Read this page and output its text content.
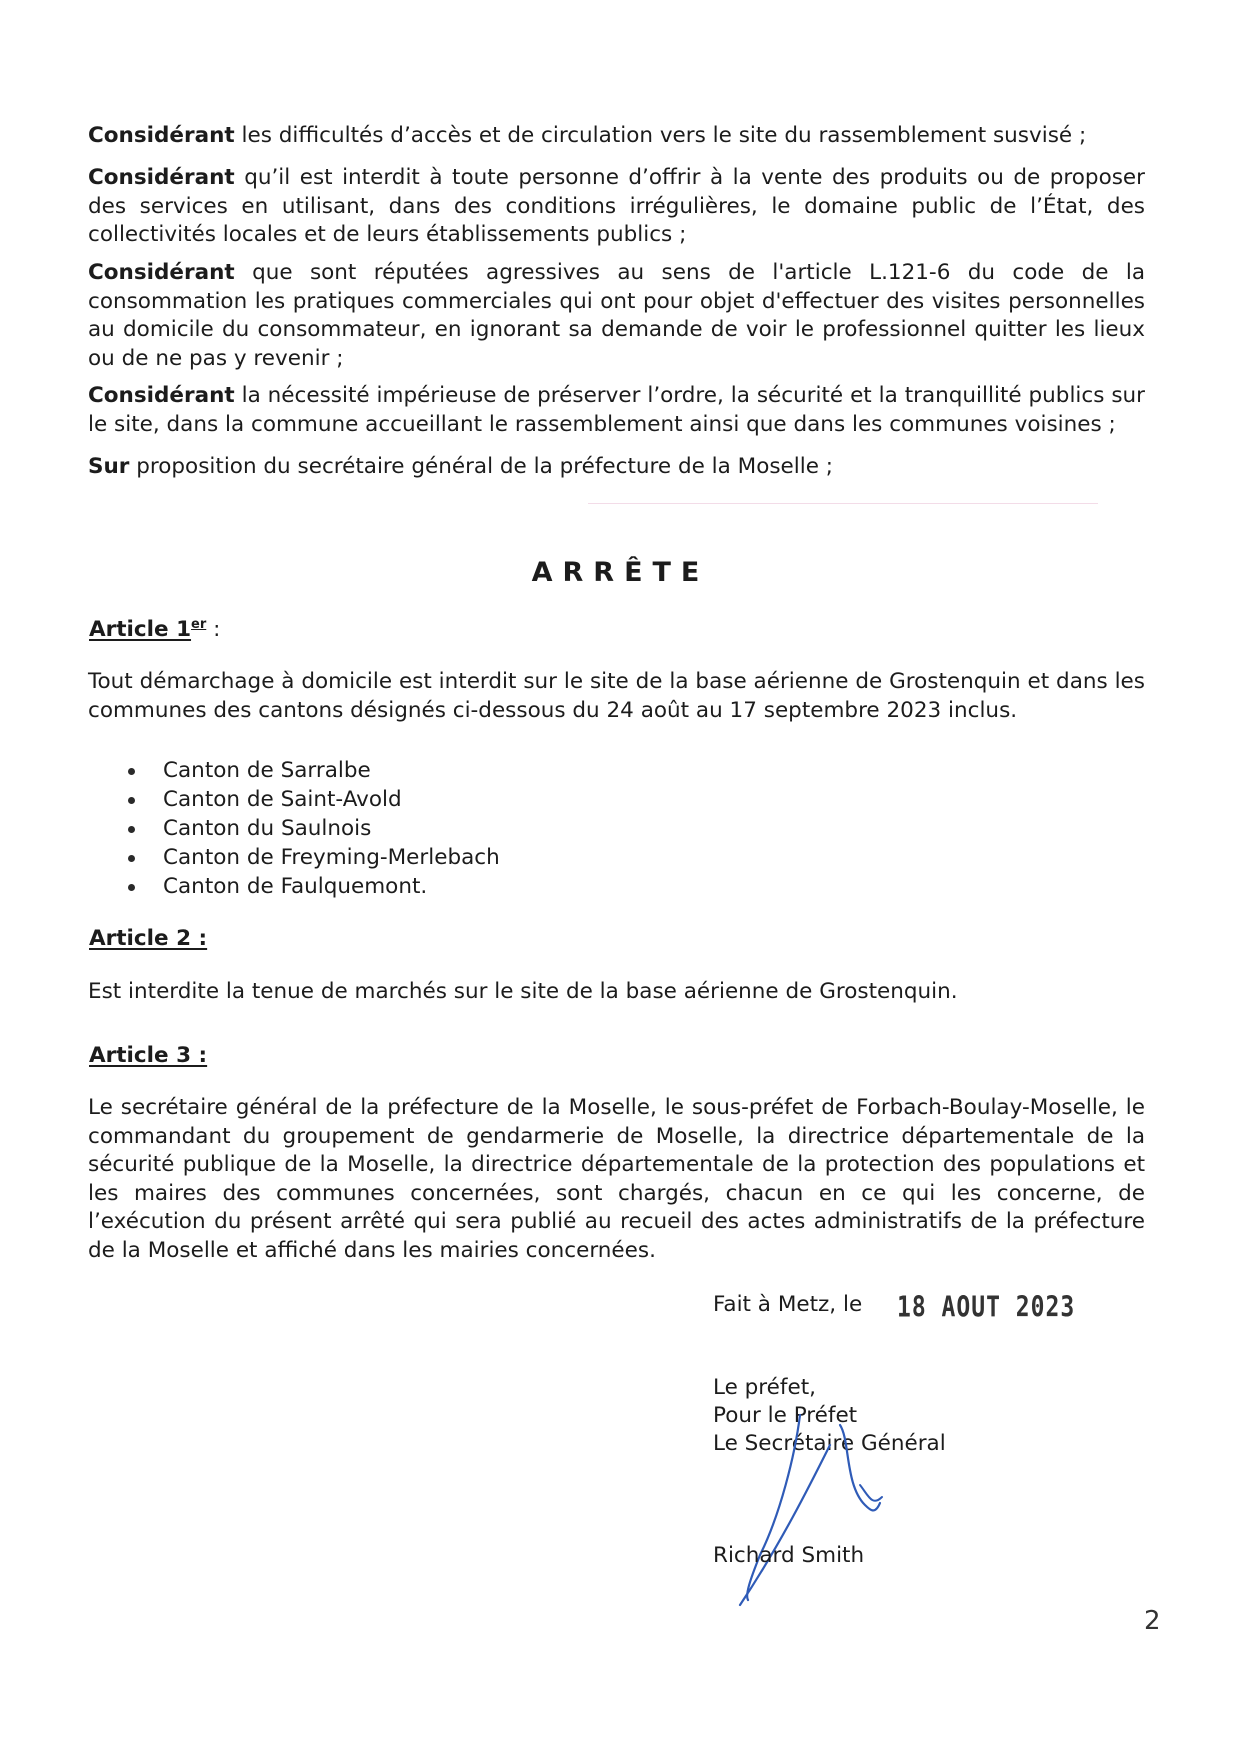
Considérant les difficultés d’accès et de circulation vers le site du rassemblement susvisé ;

Considérant qu’il est interdit à toute personne d’offrir à la vente des produits ou de proposer des services en utilisant, dans des conditions irrégulières, le domaine public de l’État, des collectivités locales et de leurs établissements publics ;

Considérant que sont réputées agressives au sens de l'article L.121-6 du code de la consommation les pratiques commerciales qui ont pour objet d'effectuer des visites personnelles au domicile du consommateur, en ignorant sa demande de voir le professionnel quitter les lieux ou de ne pas y revenir ;

Considérant la nécessité impérieuse de préserver l’ordre, la sécurité et la tranquillité publics sur le site, dans la commune accueillant le rassemblement ainsi que dans les communes voisines ;

Sur proposition du secrétaire général de la préfecture de la Moselle ;

ARRÊTE
Article 1er :

Tout démarchage à domicile est interdit sur le site de la base aérienne de Grostenquin et dans les communes des cantons désignés ci-dessous du 24 août au 17 septembre 2023 inclus.

Canton de Sarralbe
Canton de Saint-Avold
Canton du Saulnois
Canton de Freyming-Merlebach
Canton de Faulquemont.
Article 2 :

Est interdite la tenue de marchés sur le site de la base aérienne de Grostenquin.

Article 3 :

Le secrétaire général de la préfecture de la Moselle, le sous-préfet de Forbach-Boulay-Moselle, le commandant du groupement de gendarmerie de Moselle, la directrice départementale de la sécurité publique de la Moselle, la directrice départementale de la protection des populations et les maires des communes concernées, sont chargés, chacun en ce qui les concerne, de l’exécution du présent arrêté qui sera publié au recueil des actes administratifs de la préfecture de la Moselle et affiché dans les mairies concernées.

Fait à Metz, le 18 AOUT 2023
Le préfet,
Pour le Préfet
Le Secrétaire Général
Richard Smith
2
